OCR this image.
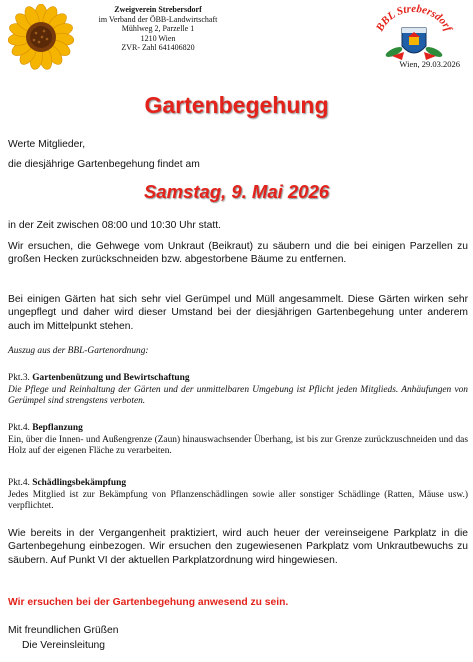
Zweigverein Strebersdorf
im Verband der ÖBB-Landwirtschaft
Mühlweg 2, Parzelle 1
1210 Wien
ZVR- Zahl 641406820
BBL Strebersdorf
Wien, 29.03.2026
Gartenbegehung
Werte Mitglieder,
die diesjährige Gartenbegehung findet am
Samstag, 9. Mai 2026
in der Zeit zwischen 08:00 und 10:30 Uhr statt.
Wir ersuchen, die Gehwege vom Unkraut (Beikraut) zu säubern und die bei einigen Parzellen zu großen Hecken zurückschneiden bzw. abgestorbene Bäume zu entfernen.
Bei einigen Gärten hat sich sehr viel Gerümpel und Müll angesammelt. Diese Gärten wirken sehr ungepflegt und daher wird dieser Umstand bei der diesjährigen Gartenbegehung unter anderem auch im Mittelpunkt stehen.
Auszug aus der BBL-Gartenordnung:
Pkt.3. Gartenbenützung und Bewirtschaftung
Die Pflege und Reinhaltung der Gärten und der unmittelbaren Umgebung ist Pflicht jeden Mitglieds. Anhäufungen von Gerümpel sind strengstens verboten.
Pkt.4. Bepflanzung
Ein, über die Innen- und Außengrenze (Zaun) hinauswachsender Überhang, ist bis zur Grenze zurückzuschneiden und das Holz auf der eigenen Fläche zu verarbeiten.
Pkt.4. Schädlingsbekämpfung
Jedes Mitglied ist zur Bekämpfung von Pflanzenschädlingen sowie aller sonstiger Schädlinge (Ratten, Mäuse usw.) verpflichtet.
Wie bereits in der Vergangenheit praktiziert, wird auch heuer der vereinseigene Parkplatz in die Gartenbegehung einbezogen. Wir ersuchen den zugewiesenen Parkplatz vom Unkrautbewuchs zu säubern. Auf Punkt VI der aktuellen Parkplatzordnung wird hingewiesen.
Wir ersuchen bei der Gartenbegehung anwesend zu sein.
Mit freundlichen Grüßen
Die Vereinsleitung
